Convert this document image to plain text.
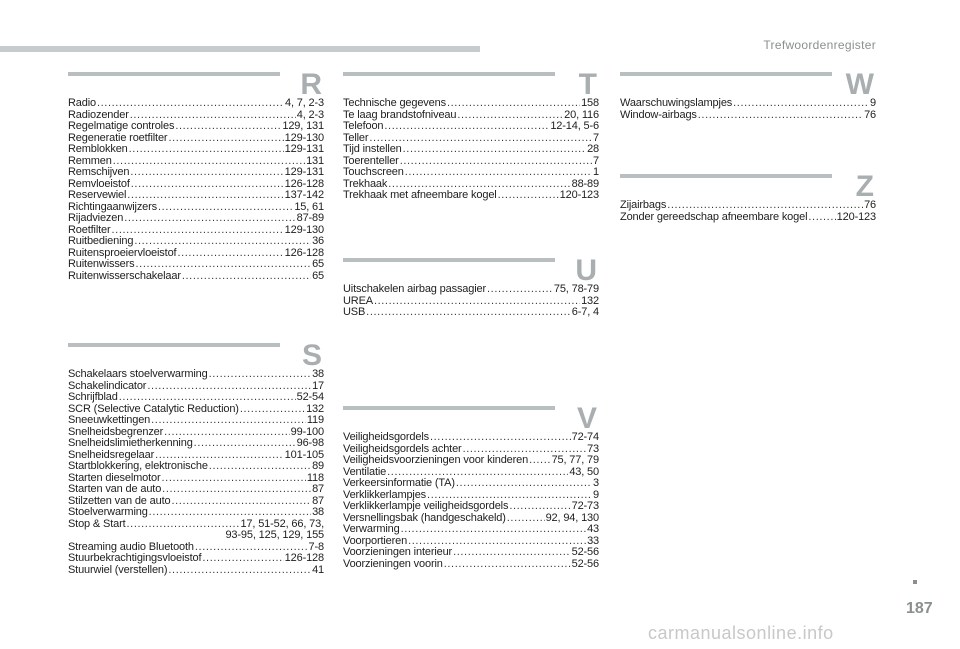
Trefwoordenregister
R
Radio .....	4, 7, 2-3
Radiozender .....	4, 2-3
Regelmatige controles .....	129, 131
Regeneratie roetfilter .....	129-130
Remblokken .....	129-131
Remmen .....	131
Remschijven .....	129-131
Remvloeistof .....	126-128
Reservewiel .....	137-142
Richtingaanwijzers .....	15, 61
Rijadviezen .....	87-89
Roetfilter .....	129-130
Ruitbediening .....	36
Ruitensproeiervloeistof .....	126-128
Ruitenwissers .....	65
Ruitenwisserschakelaar .....	65
S
Schakelaars stoelverwarming .....	38
Schakelindicator .....	17
Schrijfblad .....	52-54
SCR (Selective Catalytic Reduction) .....	132
Sneeuwkettingen .....	119
Snelheidsbegrenzer .....	99-100
Snelheidslimietherkenning .....	96-98
Snelheidsregelaar .....	101-105
Startblokkering, elektronische .....	89
Starten dieselmotor .....	118
Starten van de auto .....	87
Stilzetten van de auto .....	87
Stoelverwarming .....	38
Stop & Start .....	17, 51-52, 66, 73,
93-95, 125, 129, 155
Streaming audio Bluetooth .....	7-8
Stuurbekrachtigingsvloeistof .....	126-128
Stuurwiel (verstellen) .....	41
T
Technische gegevens .....	158
Te laag brandstofniveau .....	20, 116
Telefoon .....	12-14, 5-6
Teller .....	7
Tijd instellen .....	28
Toerenteller .....	7
Touchscreen .....	1
Trekhaak .....	88-89
Trekhaak met afneembare kogel .....	120-123
U
Uitschakelen airbag passagier .....	75, 78-79
UREA .....	132
USB .....	6-7, 4
V
Veiligheidsgordels .....	72-74
Veiligheidsgordels achter .....	73
Veiligheidsvoorzieningen voor kinderen ..... 75, 77, 79
Ventilatie .....	43, 50
Verkeersinformatie (TA) .....	3
Verklikkerlampjes .....	9
Verklikkerlampje veiligheidsgordels .....	72-73
Versnellingsbak (handgeschakeld) .....	92, 94, 130
Verwarming .....	43
Voorportieren .....	33
Voorzieningen interieur .....	52-56
Voorzieningen voorin .....	52-56
W
Waarschuwingslampjes .....	9
Window-airbags .....	76
Z
Zijairbags .....	76
Zonder gereedschap afneembare kogel .....	120-123
187
carmanualsonline.info
